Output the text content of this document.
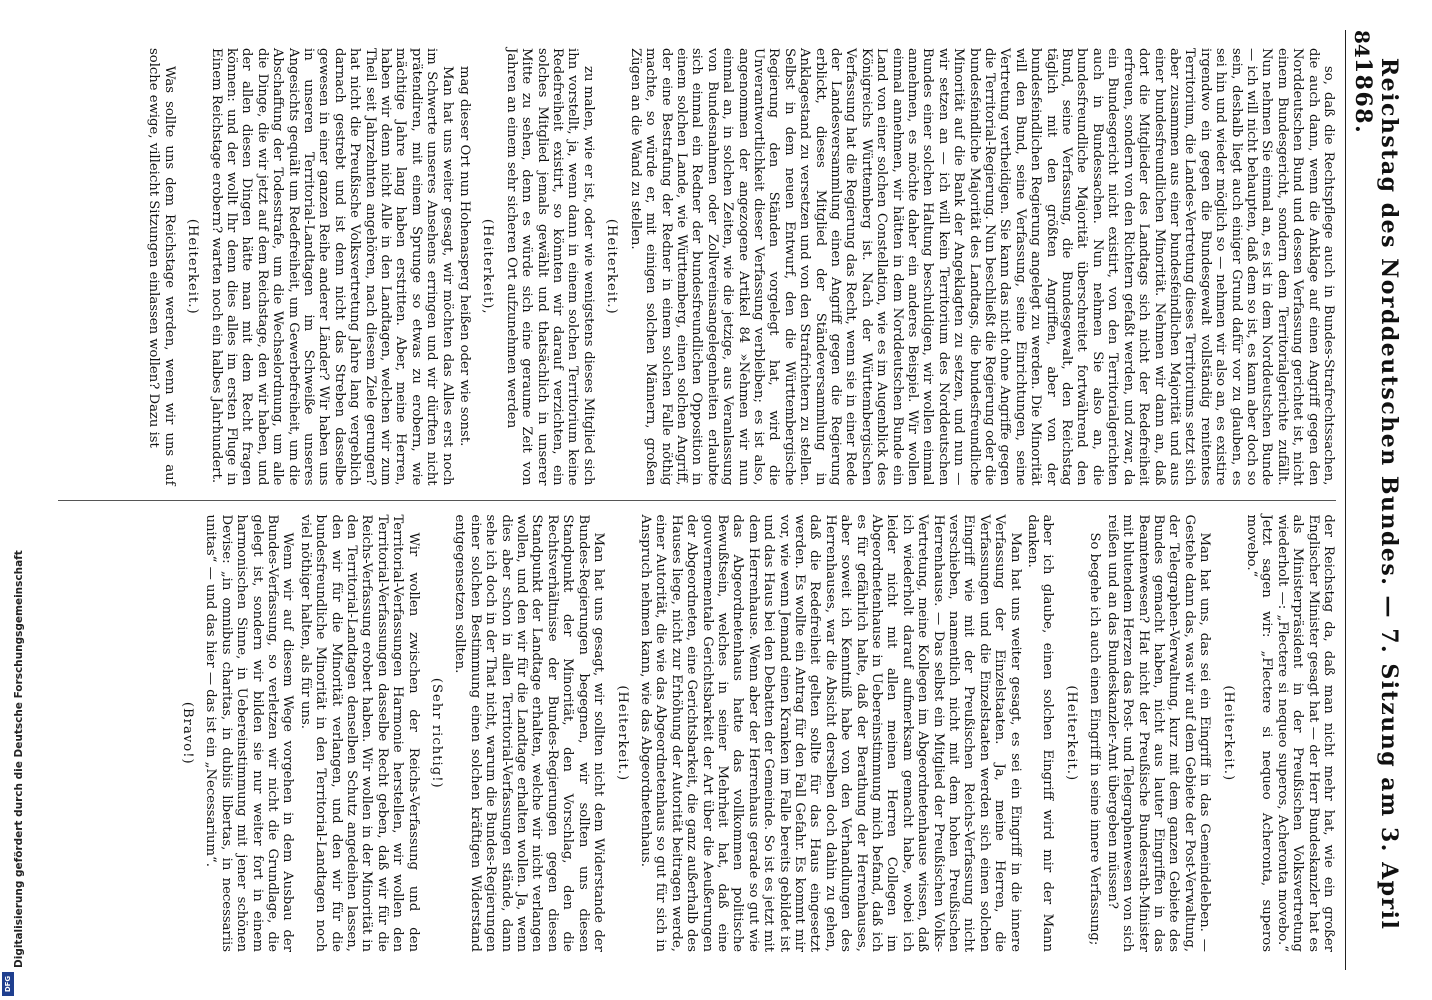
84
Reichstag des Norddeutschen Bundes. — 7. Sitzung am 3. April 1868.

so, daß die Rechtspflege auch in Bundes-Strafrechtssachen, die auch dann, wenn die Anklage auf einen Angriff gegen den Norddeutschen Bund und dessen Verfassung gerichtet ist, nicht einem Bundesgericht, sondern dem Territorialgerichte zufällt. Nun nehmen Sie einmal an, es ist in dem Norddeutschen Bunde — ich will nicht behaupten, daß dem so ist, es kann aber doch so sein, deshalb liegt auch einiger Grund dafür vor zu glauben, es sei hin und wieder möglich so — nehmen wir also an, es existire irgendwo ein gegen die Bundesgewalt vollständig renitentes Territorium, die Landes-Vertretung dieses Territoriums setzt sich aber zusammen aus einer bundesfeindlichen Majorität und aus einer bundesfreundlichen Minorität. Nehmen wir dann an, daß dort die Mitglieder des Landtags sich nicht der Redefreiheit erfreuen, sondern von den Richtern gefaßt werden, und zwar, da ein Bundesgericht nicht existirt, von den Territorialgerichten auch in Bundessachen. Nun nehmen Sie also an, die bundesfreundliche Majorität überschreitet fortwährend den Bund, seine Verfassung, die Bundesgewalt, den Reichstag täglich mit den größten Angriffen, aber von der bundesfeindlichen Regierung angelegt zu werden. Die Minorität will den Bund, seine Verfassung, seine Einrichtungen, seine Vertretung vertheidigen. Sie kann das nicht ohne Angriffe gegen die Territorial-Regierung. Nun beschließt die Regierung oder die bundesfeindliche Majorität des Landtags, die bundesfreundliche Minorität auf die Bank der Angeklagten zu setzen, und nun — wir setzen an — ich will kein Territorium des Norddeutschen Bundes einer solchen Haltung beschuldigen, wir wollen einmal annehmen, es möchte daher ein anderes Beispiel. Wir wollen einmal annehmen, wir hätten in dem Norddeutschen Bunde ein Land von einer solchen Constellation, wie es im Augenblick des Königreichs Württemberg ist. Nach der Württembergischen Verfassung hat die Regierung das Recht, wenn sie in einer Rede der Landesversammlung einen Angriff gegen die Regierung erblickt, dieses Mitglied der Ständeversammlung in Anklagestand zu versetzen und von den Strafrichtern zu stellen. Selbst in dem neuen Entwurf, den die Württembergische Regierung den Ständen vorgelegt hat, wird die Unverantwortlichkeit dieser Verfassung verbleiben; es ist also, angenommen der angezogene Artikel 84 »Nehmen wir nun einmal an, in solchen Zeiten, wie die jetzige, aus Veranlassung von Bundesnahmen oder Zollvereinsangelegenheiten erlaubte sich einmal ein Redner der bundesfreundlichen Opposition in einem solchen Lande, wie Württemberg, einen solchen Angriff, der eine Bestrafung der Redner in einem solchen Falle nöthig machte, so würde er, mit einigen solchen Männern, großen Zügen an die Wand zu stellen.

(Heiterkeit.)

zu malen, wie er ist, oder wie wenigstens dieses Mitglied sich ihn vorstellt, ja, wenn dann in einem solchen Territorium keine Redefreiheit existirt, so könnten wir darauf verzichten, ein solches Mitglied jemals gewählt und thatsächlich in unserer Mitte zu sehen, denn es würde sich eine geraume Zeit von Jahren an einem sehr sicheren Ort aufzunehmen werden

(Heiterkeit),

mag dieser Ort nun Hohenasperg heißen oder wie sonst.

Man hat uns weiter gesagt, wir möchten das Alles erst noch im Schwerte unseres Ansehens erringen und wir dürften nicht prätendiren, mit einem Sprunge so etwas zu erobern, wie mächtige Jahre lang haben erstritten. Aber, meine Herren, haben wir denn nicht Alle in den Landtagen, welchen wir zum Theil seit Jahrzehnten angehören, nach diesem Ziele gerungen? hat nicht die Preußische Volksvertretung Jahre lang vergeblich darnach gestrebt und ist denn nicht das Streben dasselbe gewesen in einer ganzen Reihe anderer Länder? Wir haben uns in unseren Territorial-Landtagen im Schweiße unseres Angesichts gequält um Redefreiheit, um Gewerbefreiheit, um die Abschaffung der Todesstrafe, um die Wechselordnung, um alle die Dinge, die wir jetzt auf dem Reichstage, den wir haben, und der allen diesen Dingen hätte man mit dem Recht fragen können: und der wollt Ihr denn dies alles im ersten Fluge in Einem Reichstage erobern? warten noch ein halbes Jahrhundert.

(Heiterkeit.)

Was sollte uns dem Reichstage werden, wenn wir uns auf solche ewige, villeicht Sitzungen einlassen wollen? Dazu ist

der Reichstag da, daß man nicht mehr hat, wie ein großer Englischer Minister gesagt hat — der Herr Bundeskanzler hat es als Ministerpräsident in der Preußischen Volksvertretung wiederholt —: „Flectere si nequeo superos, Acheronta movebo.“ Jetzt sagen wir: „Flectere si nequeo Acheronta, superos movebo.“

(Heiterkeit.)

Man hat uns, das sei ein Eingriff in das Gemeindeleben. — Gestehe dann das, was wir auf dem Gebiete der Post-Verwaltung, der Telegraphen-Verwaltung, kurz mit dem ganzen Gebiete des Bundes gemacht haben, nicht aus lauter Eingriffen in das Beamtenwesen? Hat nicht der Preußische Bundesrath-Minister mit blutendem Herzen das Post- und Telegraphenwesen von sich reißen und an das Bundeskanzler-Amt übergeben müssen?

So begehe ich auch einen Eingriff in seine innere Verfassung;

(Heiterkeit.)

aber ich glaube, einen solchen Eingriff wird mir der Mann danken.

Man hat uns weiter gesagt, es sei ein Eingriff in die innere Verfassung der Einzelstaaten. Ja, meine Herren, die Verfassungen und die Einzelstaaten werden sich einen solchen Eingriff wie mit der Preußischen Reichs-Verfassung nicht verschieben, namentlich nicht mit dem hohen Preußischen Herrenhause. — Das selbst ein Mitglied der Preußischen Volks-Vertretung, meine Kollegen im Abgeordnetenhause wissen, daß ich wiederholt darauf aufmerksam gemacht habe, wobei ich leider nicht mit allen meinen Herren Collegen im Abgeordnetenhause in Uebereinstimmung mich befand, daß ich es für gefährlich halte, daß der Berathung der Herrenhauses, aber soweit ich Kenntniß habe von den Verhandlungen des Herrenhauses, war die Absicht derselben doch dahin zu gehen, daß die Redefreiheit gelten sollte für das Haus eingesetzt werden. Es wollte ein Antrag für den Fall Gefahr. Es kommt mir vor, wie wenn Jemand einen Kranken im Falle bereits gebildet ist und das Haus bei den Debatten der Gemeinde. So ist es jetzt mit dem Herrenhause. Wenn aber der Herrenhaus gerade so gut wie das Abgeordnetenhaus hatte das vollkommen politische Bewußtsein, welches in seiner Mehrheit hat, daß eine gouvernementale Gerichtsbarkeit der Art über die Aeußerungen der Abgeordneten, eine Gerichtsbarkeit, die ganz außerhalb des Hauses liege, nicht zur Erhöhung der Autorität beitragen werde, einer Autorität, die wie das Abgeordnetenhaus so gut für sich in Anspruch nehmen kann, wie das Abgeordnetenhaus.

(Heiterkeit.)

Man hat uns gesagt, wir sollten nicht dem Widerstande der Bundes-Regierungen begegnen, wir sollten uns diesen Standpunkt der Minorität, den Vorschlag, den die Rechtsverhältnisse der Bundes-Regierungen gegen diesen Standpunkt der Landtage erhalten, welche wir nicht verlangen wollen, und den wir für die Landtage erhalten wollen. Ja, wenn dies aber schon in allen Territorial-Verfassungen stände, dann sehe ich doch in der That nicht, warum die Bundes-Regierungen einer solchen Bestimmung einen solchen kräftigen Widerstand entgegensetzen sollten.

(Sehr richtig!)

Wir wollen zwischen der Reichs-Verfassung und den Territorial-Verfassungen Harmonie herstellen, wir wollen den Territorial-Verfassungen dasselbe Recht geben, daß wir für die Reichs-Verfassung erobert haben. Wir wollen in der Minorität in den Territorial-Landtagen denselben Schutz angedeihen lassen, den wir für die Minorität verlangen, und den wir für die bundesfreundliche Minorität in den Territorial-Landtagen noch viel nöthiger halten, als für uns.

Wenn wir auf diesem Wege vorgehen in dem Ausbau der Bundes-Verfassung, so verletzen wir nicht die Grundlage, die gelegt ist, sondern wir bilden sie nur weiter fort in einem harmonischen Sinne, in Uebereinstimmung mit jener schönen Devise: „in omnibus charitas, in dubiis libertas, in necessariis unitas“ — und das hier — das ist ein „Necessarium“.

(Bravo!)

Digitalisierung gefördert durch die Deutsche Forschungsgemeinschaft
DFG
